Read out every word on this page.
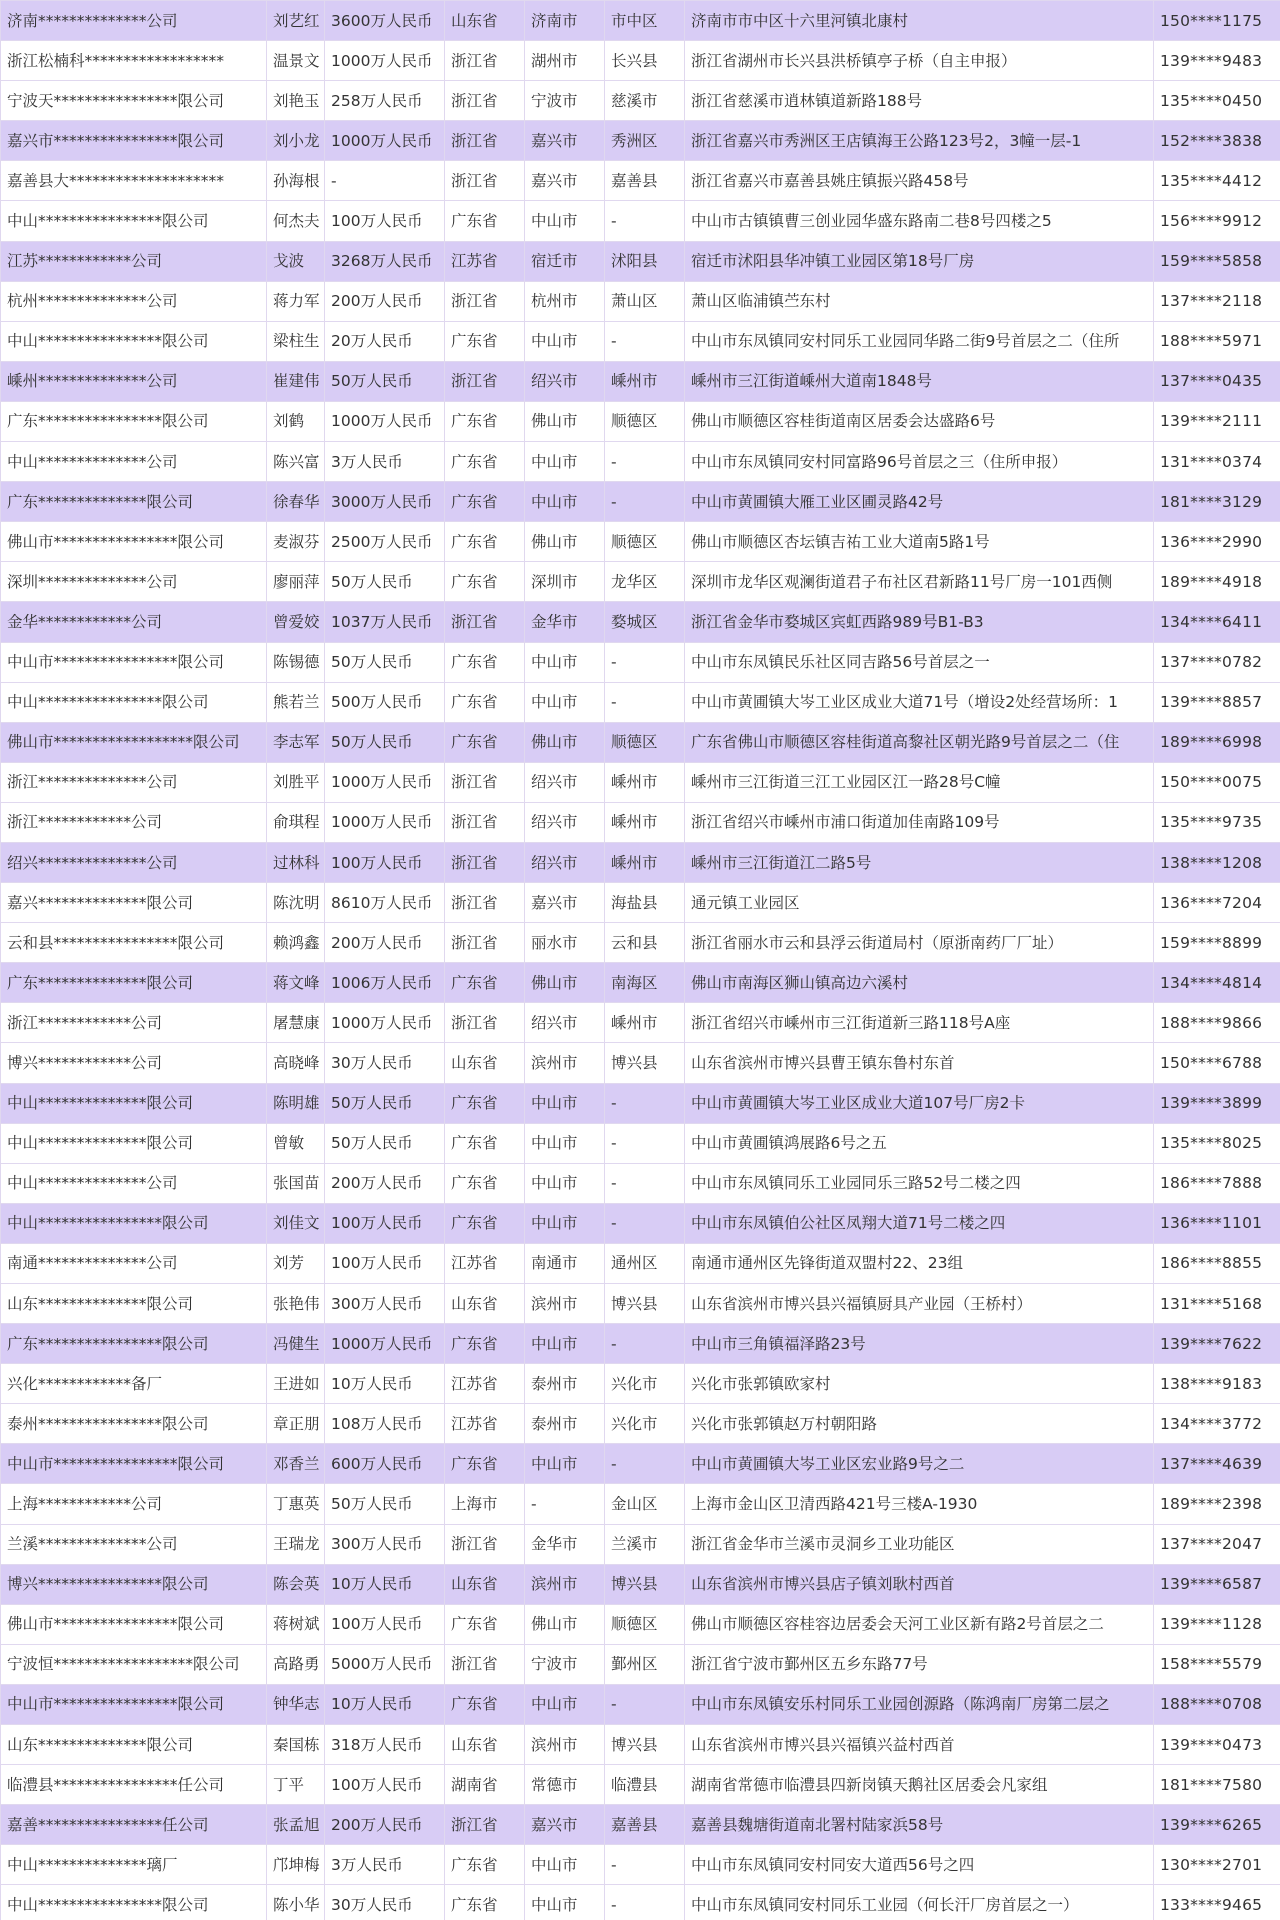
济南**************公司	刘艺红	3600万人民币	山东省	济南市	市中区	济南市市中区十六里河镇北康村	150****1175
浙江松楠科******************	温景文	1000万人民币	浙江省	湖州市	长兴县	浙江省湖州市长兴县洪桥镇亭子桥（自主申报）	139****9483
宁波天****************限公司	刘艳玉	258万人民币	浙江省	宁波市	慈溪市	浙江省慈溪市逍林镇道新路188号	135****0450
嘉兴市****************限公司	刘小龙	1000万人民币	浙江省	嘉兴市	秀洲区	浙江省嘉兴市秀洲区王店镇海王公路123号2，3幢一层-1	152****3838
嘉善县大********************	孙海根	-	浙江省	嘉兴市	嘉善县	浙江省嘉兴市嘉善县姚庄镇振兴路458号	135****4412
中山****************限公司	何杰夫	100万人民币	广东省	中山市	-	中山市古镇镇曹三创业园华盛东路南二巷8号四楼之5	156****9912
江苏************公司	戈波	3268万人民币	江苏省	宿迁市	沭阳县	宿迁市沭阳县华冲镇工业园区第18号厂房	159****5858
杭州**************公司	蒋力军	200万人民币	浙江省	杭州市	萧山区	萧山区临浦镇苎东村	137****2118
中山****************限公司	梁柱生	20万人民币	广东省	中山市	-	中山市东凤镇同安村同乐工业园同华路二街9号首层之二（住所	188****5971
嵊州**************公司	崔建伟	50万人民币	浙江省	绍兴市	嵊州市	嵊州市三江街道嵊州大道南1848号	137****0435
广东****************限公司	刘鹤	1000万人民币	广东省	佛山市	顺德区	佛山市顺德区容桂街道南区居委会达盛路6号	139****2111
中山**************公司	陈兴富	3万人民币	广东省	中山市	-	中山市东凤镇同安村同富路96号首层之三（住所申报）	131****0374
广东**************限公司	徐春华	3000万人民币	广东省	中山市	-	中山市黄圃镇大雁工业区圃灵路42号	181****3129
佛山市****************限公司	麦淑芬	2500万人民币	广东省	佛山市	顺德区	佛山市顺德区杏坛镇吉祐工业大道南5路1号	136****2990
深圳**************公司	廖丽萍	50万人民币	广东省	深圳市	龙华区	深圳市龙华区观澜街道君子布社区君新路11号厂房一101西侧	189****4918
金华************公司	曾爱姣	1037万人民币	浙江省	金华市	婺城区	浙江省金华市婺城区宾虹西路989号B1-B3	134****6411
中山市****************限公司	陈锡德	50万人民币	广东省	中山市	-	中山市东凤镇民乐社区同吉路56号首层之一	137****0782
中山****************限公司	熊若兰	500万人民币	广东省	中山市	-	中山市黄圃镇大岑工业区成业大道71号（增设2处经营场所：1	139****8857
佛山市******************限公司	李志军	50万人民币	广东省	佛山市	顺德区	广东省佛山市顺德区容桂街道高黎社区朝光路9号首层之二（住	189****6998
浙江**************公司	刘胜平	1000万人民币	浙江省	绍兴市	嵊州市	嵊州市三江街道三江工业园区江一路28号C幢	150****0075
浙江************公司	俞琪程	1000万人民币	浙江省	绍兴市	嵊州市	浙江省绍兴市嵊州市浦口街道加佳南路109号	135****9735
绍兴**************公司	过林科	100万人民币	浙江省	绍兴市	嵊州市	嵊州市三江街道江二路5号	138****1208
嘉兴**************限公司	陈沈明	8610万人民币	浙江省	嘉兴市	海盐县	通元镇工业园区	136****7204
云和县****************限公司	赖鸿鑫	200万人民币	浙江省	丽水市	云和县	浙江省丽水市云和县浮云街道局村（原浙南药厂厂址）	159****8899
广东**************限公司	蒋文峰	1006万人民币	广东省	佛山市	南海区	佛山市南海区狮山镇高边六溪村	134****4814
浙江************公司	屠慧康	1000万人民币	浙江省	绍兴市	嵊州市	浙江省绍兴市嵊州市三江街道新三路118号A座	188****9866
博兴************公司	高晓峰	30万人民币	山东省	滨州市	博兴县	山东省滨州市博兴县曹王镇东鲁村东首	150****6788
中山**************限公司	陈明雄	50万人民币	广东省	中山市	-	中山市黄圃镇大岑工业区成业大道107号厂房2卡	139****3899
中山**************限公司	曾敏	50万人民币	广东省	中山市	-	中山市黄圃镇鸿展路6号之五	135****8025
中山**************公司	张国苗	200万人民币	广东省	中山市	-	中山市东凤镇同乐工业园同乐三路52号二楼之四	186****7888
中山****************限公司	刘佳文	100万人民币	广东省	中山市	-	中山市东凤镇伯公社区凤翔大道71号二楼之四	136****1101
南通**************公司	刘芳	100万人民币	江苏省	南通市	通州区	南通市通州区先锋街道双盟村22、23组	186****8855
山东**************限公司	张艳伟	300万人民币	山东省	滨州市	博兴县	山东省滨州市博兴县兴福镇厨具产业园（王桥村）	131****5168
广东****************限公司	冯健生	1000万人民币	广东省	中山市	-	中山市三角镇福泽路23号	139****7622
兴化************备厂	王进如	10万人民币	江苏省	泰州市	兴化市	兴化市张郭镇欧家村	138****9183
泰州****************限公司	章正朋	108万人民币	江苏省	泰州市	兴化市	兴化市张郭镇赵万村朝阳路	134****3772
中山市****************限公司	邓香兰	600万人民币	广东省	中山市	-	中山市黄圃镇大岑工业区宏业路9号之二	137****4639
上海************公司	丁惠英	50万人民币	上海市	-	金山区	上海市金山区卫清西路421号三楼A-1930	189****2398
兰溪**************公司	王瑞龙	300万人民币	浙江省	金华市	兰溪市	浙江省金华市兰溪市灵洞乡工业功能区	137****2047
博兴****************限公司	陈会英	10万人民币	山东省	滨州市	博兴县	山东省滨州市博兴县店子镇刘耿村西首	139****6587
佛山市****************限公司	蒋树斌	100万人民币	广东省	佛山市	顺德区	佛山市顺德区容桂容边居委会天河工业区新有路2号首层之二	139****1128
宁波恒******************限公司	高路勇	5000万人民币	浙江省	宁波市	鄞州区	浙江省宁波市鄞州区五乡东路77号	158****5579
中山市****************限公司	钟华志	10万人民币	广东省	中山市	-	中山市东凤镇安乐村同乐工业园创源路（陈鸿南厂房第二层之	188****0708
山东**************限公司	秦国栋	318万人民币	山东省	滨州市	博兴县	山东省滨州市博兴县兴福镇兴益村西首	139****0473
临澧县****************任公司	丁平	100万人民币	湖南省	常德市	临澧县	湖南省常德市临澧县四新岗镇天鹅社区居委会凡家组	181****7580
嘉善****************任公司	张孟旭	200万人民币	浙江省	嘉兴市	嘉善县	嘉善县魏塘街道南北署村陆家浜58号	139****6265
中山**************璃厂	邝坤梅	3万人民币	广东省	中山市	-	中山市东凤镇同安村同安大道西56号之四	130****2701
中山****************限公司	陈小华	30万人民币	广东省	中山市	-	中山市东凤镇同安村同乐工业园（何长汗厂房首层之一）	133****9465
